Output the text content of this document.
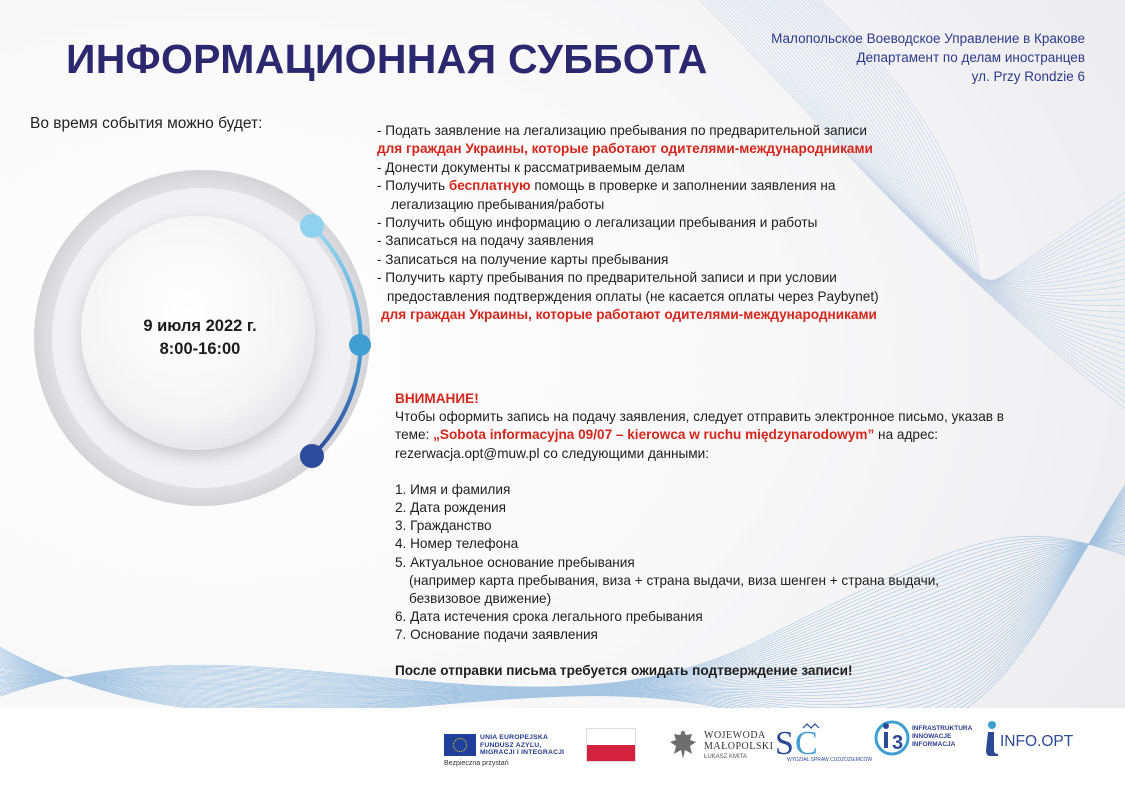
ИНФОРМАЦИОННАЯ СУББОТА	Малопольское Воеводское Управление в Кракове
Департамент по делам иностранцев
ул. Przy Rondzie 6
Во время события можно будет:
9 июля 2022 г.
8:00-16:00
- Подать заявление на легализацию пребывания по предварительной записи
для граждан Украины, которые работают одителями-международниками
- Донести документы к рассматриваемым делам
- Получить бесплатную помощь в проверке и заполнении заявления на
легализацию пребывания/работы
- Получить общую информацию о легализации пребывания и работы
- Записаться на подачу заявления
- Записаться на получение карты пребывания
- Получить карту пребывания по предварительной записи и при условии
предоставления подтверждения оплаты (не касается оплаты через Paybynet)
для граждан Украины, которые работают одителями-международниками
ВНИМАНИЕ!
Чтобы оформить запись на подачу заявления, следует отправить электронное письмо, указав в
теме: „Sobota informacyjna 09/07 – kierowca w ruchu międzynarodowym” на адрес:
rezerwacja.opt@muw.pl со следующими данными:
1. Имя и фамилия
2. Дата рождения
3. Гражданство
4. Номер телефона
5. Актуальное основание пребывания
(например карта пребывания, виза + страна выдачи, виза шенген + страна выдачи,
безвизовое движение)
6. Дата истечения срока легального пребывания
7. Основание подачи заявления
После отправки письма требуется ожидать подтверждение записи!
UNIA EUROPEJSKA
FUNDUSZ AZYLU,
MIGRACJI I INTEGRACJI
Bezpieczna przystań
WOJEWODA
MAŁOPOLSKI
ŁUKASZ KMITA S C
WYDZIAŁ SPRAW CUDZOZIEMCÓW
3
INFRASTRUKTURA
INNOWACJE
INFORMACJA	INFO.OPT
